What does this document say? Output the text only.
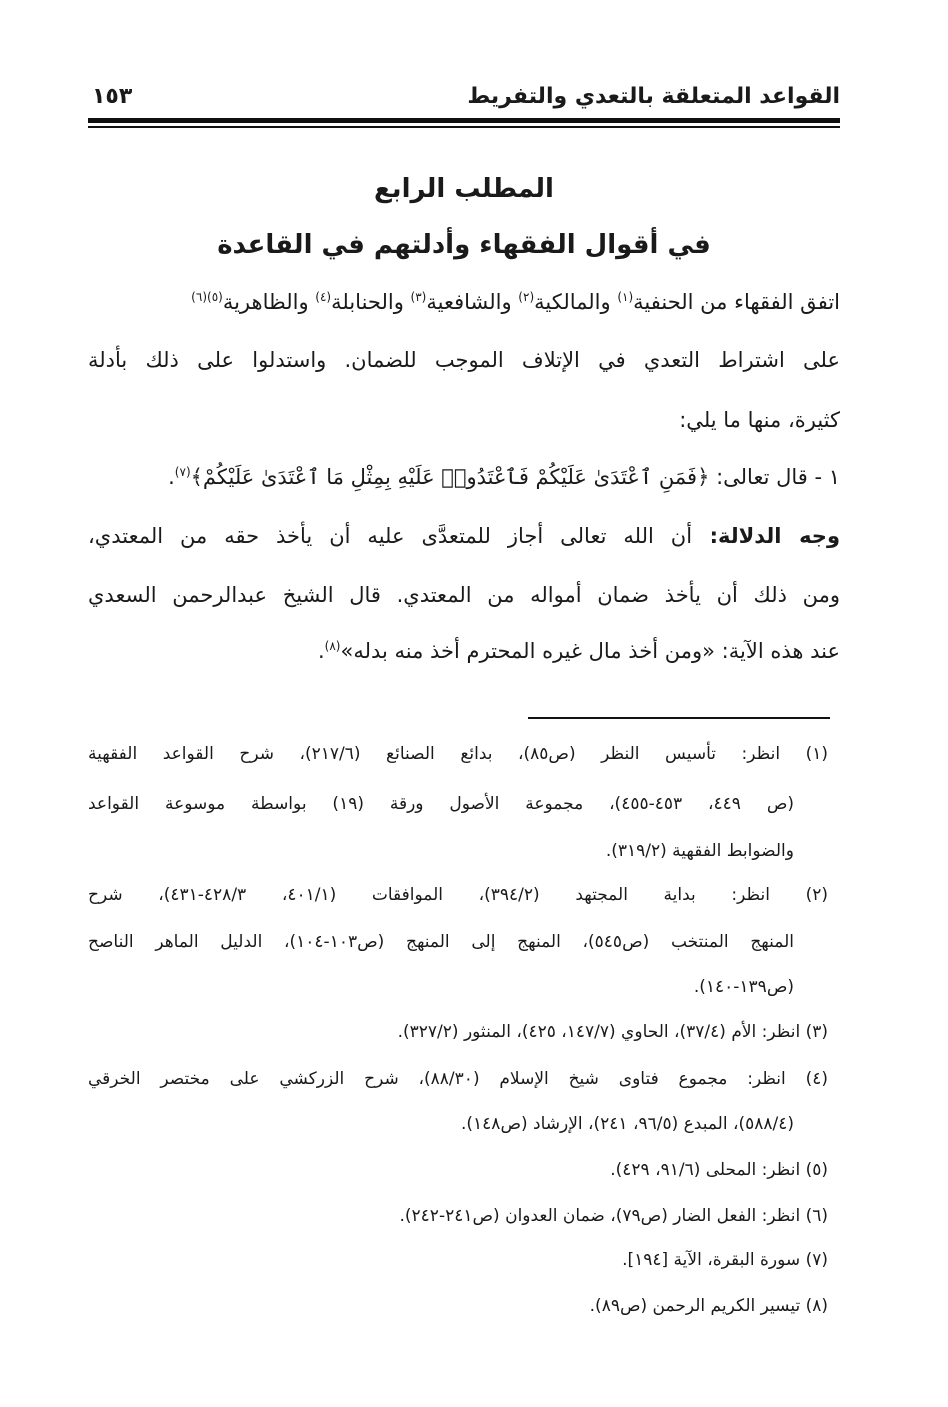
القواعد المتعلقة بالتعدي والتفريط
١٥٣
المطلب الرابع
في أقوال الفقهاء وأدلتهم في القاعدة
اتفق الفقهاء من الحنفية$^{(١)}$ والمالكية$^{(٢)}$ والشافعية$^{(٣)}$ والحنابلة$^{(٤)}$ والظاهرية$^{(٥)(٦)}$
على اشتراط التعدي في الإتلاف الموجب للضمان. واستدلوا على ذلك بأدلة
كثيرة، منها ما يلي:
١ - قال تعالى: ﴿فَمَنِ ٱعْتَدَىٰ عَلَيْكُمْ فَٱعْتَدُوا۟ عَلَيْهِ بِمِثْلِ مَا ٱعْتَدَىٰ عَلَيْكُمْ﴾$^{(٧)}$.
وجه الدلالة: أن الله تعالى أجاز للمتعدَّى عليه أن يأخذ حقه من المعتدي،
ومن ذلك أن يأخذ ضمان أمواله من المعتدي. قال الشيخ عبدالرحمن السعدي
عند هذه الآية: «ومن أخذ مال غيره المحترم أخذ منه بدله»$^{(٨)}$.
(١) انظر: تأسيس النظر (ص٨٥)، بدائع الصنائع (٢١٧/٦)، شرح القواعد الفقهية
(ص ٤٤٩، ٤٥٣-٤٥٥)، مجموعة الأصول ورقة (١٩) بواسطة موسوعة القواعد
والضوابط الفقهية (٣١٩/٢).
(٢) انظر: بداية المجتهد (٣٩٤/٢)، الموافقات (٤٠١/١، ٤٢٨/٣-٤٣١)، شرح
المنهج المنتخب (ص٥٤٥)، المنهج إلى المنهج (ص١٠٣-١٠٤)، الدليل الماهر الناصح
(ص١٣٩-١٤٠).
(٣) انظر: الأم (٣٧/٤)، الحاوي (١٤٧/٧، ٤٢٥)، المنثور (٣٢٧/٢).
(٤) انظر: مجموع فتاوى شيخ الإسلام (٨٨/٣٠)، شرح الزركشي على مختصر الخرقي
(٥٨٨/٤)، المبدع (٩٦/٥، ٢٤١)، الإرشاد (ص١٤٨).
(٥) انظر: المحلى (٩١/٦، ٤٢٩).
(٦) انظر: الفعل الضار (ص٧٩)، ضمان العدوان (ص٢٤١-٢٤٢).
(٧) سورة البقرة، الآية [١٩٤].
(٨) تيسير الكريم الرحمن (ص٨٩).
